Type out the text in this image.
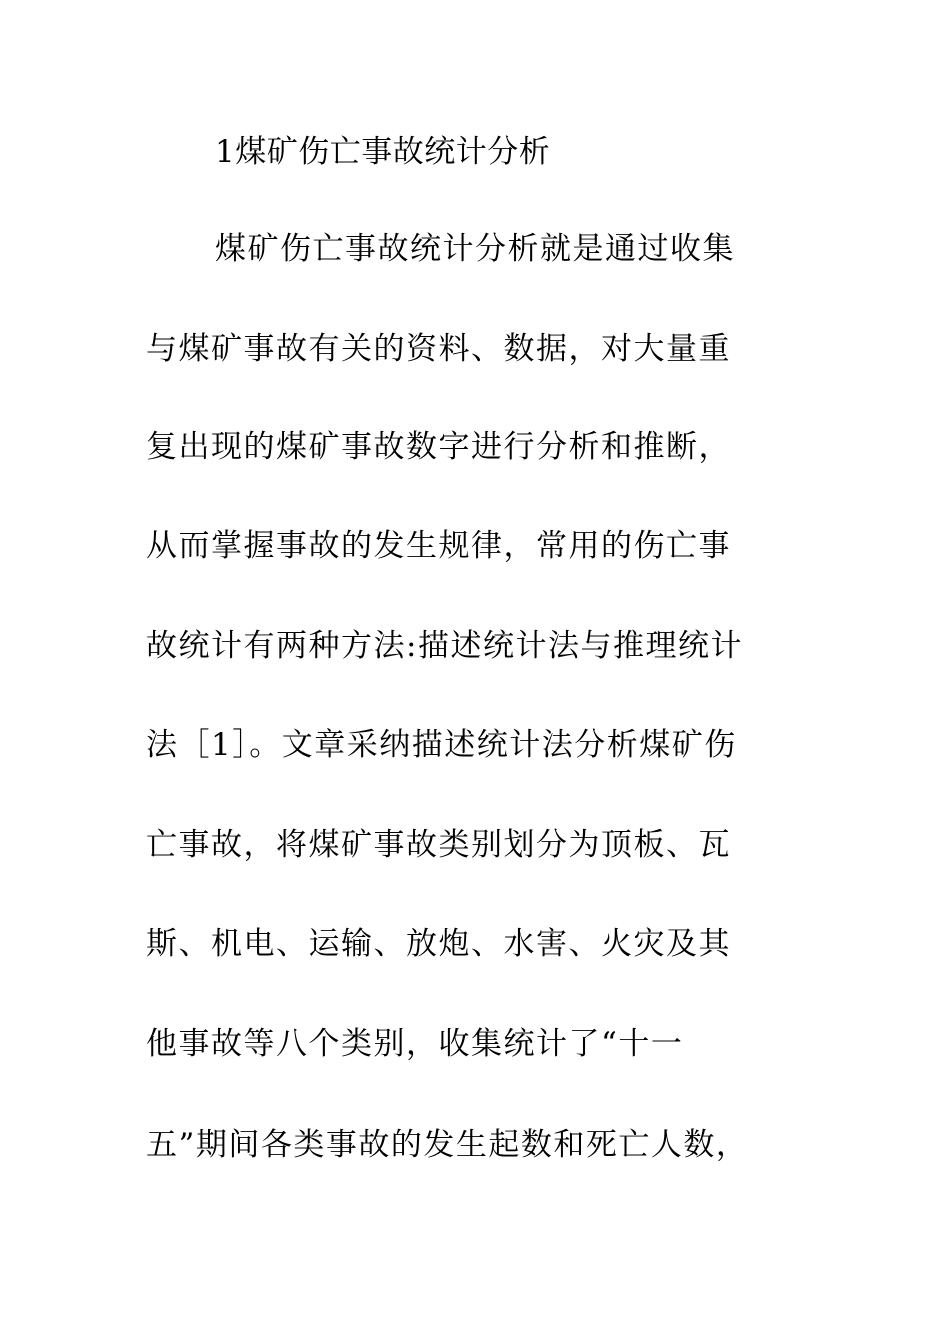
1煤矿伤亡事故统计分析
煤矿伤亡事故统计分析就是通过收集
与煤矿事故有关的资料、数据，对大量重
复出现的煤矿事故数字进行分析和推断，
从而掌握事故的发生规律，常用的伤亡事
故统计有两种方法:描述统计法与推理统计
法［1］。文章采纳描述统计法分析煤矿伤
亡事故，将煤矿事故类别划分为顶板、瓦
斯、机电、运输、放炮、水害、火灾及其
他事故等八个类别，收集统计了“十一
五”期间各类事故的发生起数和死亡人数，
